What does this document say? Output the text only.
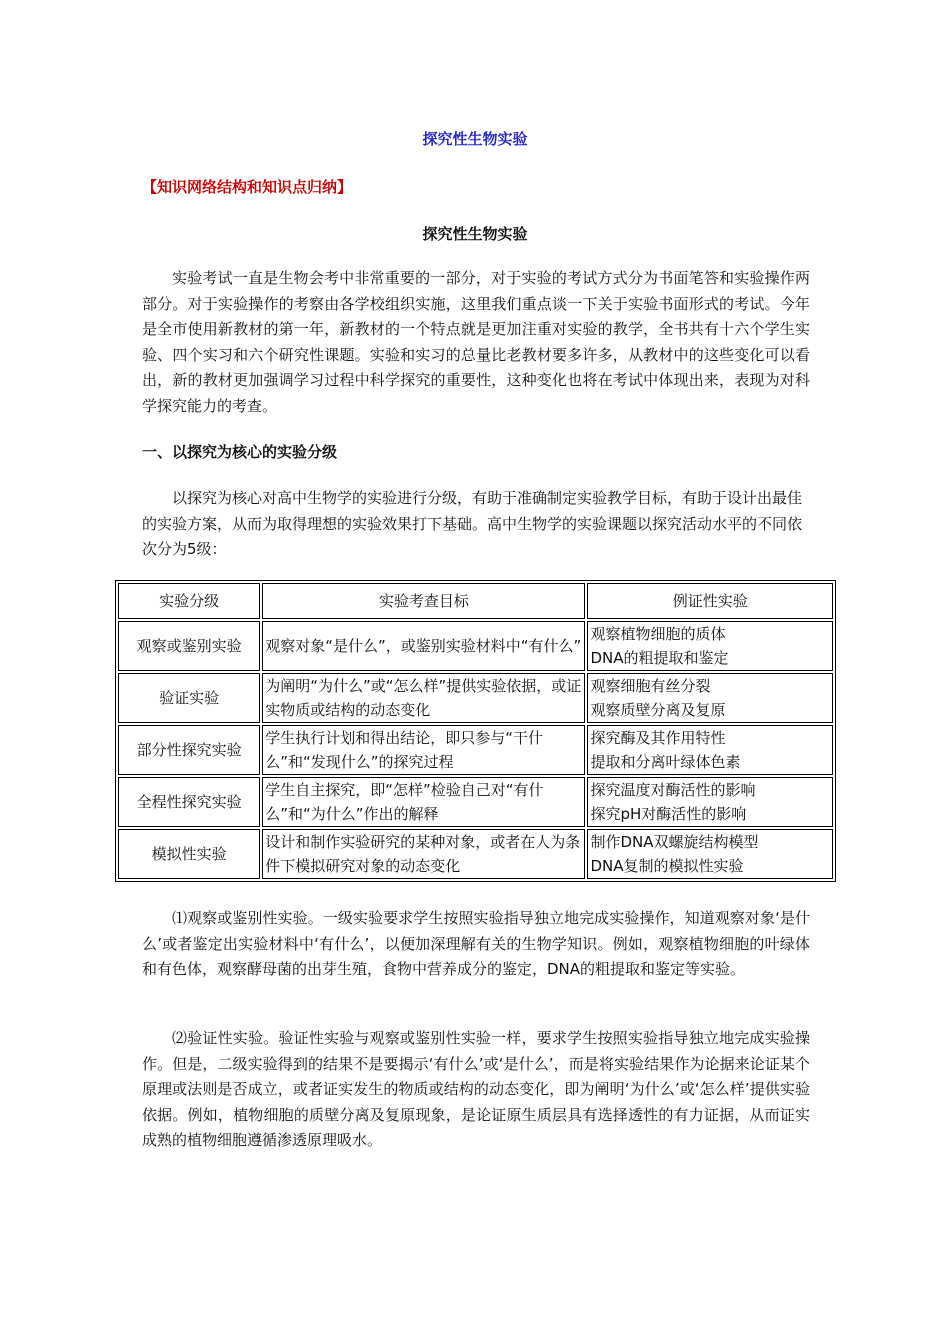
探究性生物实验
【知识网络结构和知识点归纳】
探究性生物实验

实验考试一直是生物会考中非常重要的一部分，对于实验的考试方式分为书面笔答和实验操作两部分。对于实验操作的考察由各学校组织实施，这里我们重点谈一下关于实验书面形式的考试。今年是全市使用新教材的第一年，新教材的一个特点就是更加注重对实验的教学，全书共有十六个学生实验、四个实习和六个研究性课题。实验和实习的总量比老教材要多许多，从教材中的这些变化可以看出，新的教材更加强调学习过程中科学探究的重要性，这种变化也将在考试中体现出来，表现为对科学探究能力的考查。

一、以探究为核心的实验分级

以探究为核心对高中生物学的实验进行分级，有助于准确制定实验教学目标，有助于设计出最佳的实验方案，从而为取得理想的实验效果打下基础。高中生物学的实验课题以探究活动水平的不同依次分为5级：

实验分级	实验考查目标	例证性实验
观察或鉴别实验	观察对象“是什么”，或鉴别实验材料中“有什么”	观察植物细胞的质体
DNA的粗提取和鉴定

验证实验	为阐明“为什么”或“怎么样”提供实验依据，或证实物质或结构的动态变化	观察细胞有丝分裂
观察质壁分离及复原

部分性探究实验	学生执行计划和得出结论，即只参与“干什么”和“发现什么”的探究过程	探究酶及其作用特性
提取和分离叶绿体色素

全程性探究实验	学生自主探究，即“怎样”检验自己对“有什么”和“为什么”作出的解释	探究温度对酶活性的影响
探究pH对酶活性的影响

模拟性实验	设计和制作实验研究的某种对象，或者在人为条件下模拟研究对象的动态变化	制作DNA双螺旋结构模型
DNA复制的模拟性实验

⑴观察或鉴别性实验。一级实验要求学生按照实验指导独立地完成实验操作，知道观察对象‘是什么’或者鉴定出实验材料中‘有什么’，以便加深理解有关的生物学知识。例如，观察植物细胞的叶绿体和有色体，观察酵母菌的出芽生殖，食物中营养成分的鉴定，DNA的粗提取和鉴定等实验。

⑵验证性实验。验证性实验与观察或鉴别性实验一样，要求学生按照实验指导独立地完成实验操作。但是，二级实验得到的结果不是要揭示‘有什么’或‘是什么’，而是将实验结果作为论据来论证某个原理或法则是否成立，或者证实发生的物质或结构的动态变化，即为阐明‘为什么’或‘怎么样’提供实验依据。例如，植物细胞的质壁分离及复原现象，是论证原生质层具有选择透性的有力证据，从而证实成熟的植物细胞遵循渗透原理吸水。
